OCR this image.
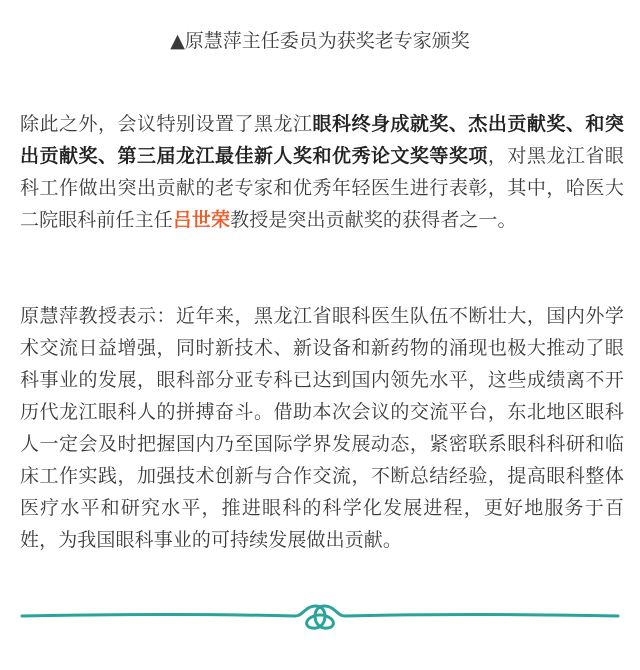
▲原慧萍主任委员为获奖老专家颁奖

除此之外，会议特别设置了黑龙江眼科终身成就奖、杰出贡献奖、和突出贡献奖、第三届龙江最佳新人奖和优秀论文奖等奖项，对黑龙江省眼科工作做出突出贡献的老专家和优秀年轻医生进行表彰，其中，哈医大二院眼科前任主任吕世荣教授是突出贡献奖的获得者之一。

原慧萍教授表示：近年来，黑龙江省眼科医生队伍不断壮大，国内外学术交流日益增强，同时新技术、新设备和新药物的涌现也极大推动了眼科事业的发展，眼科部分亚专科已达到国内领先水平，这些成绩离不开历代龙江眼科人的拼搏奋斗。借助本次会议的交流平台，东北地区眼科人一定会及时把握国内乃至国际学界发展动态，紧密联系眼科科研和临床工作实践，加强技术创新与合作交流，不断总结经验，提高眼科整体医疗水平和研究水平，推进眼科的科学化发展进程，更好地服务于百姓，为我国眼科事业的可持续发展做出贡献。
